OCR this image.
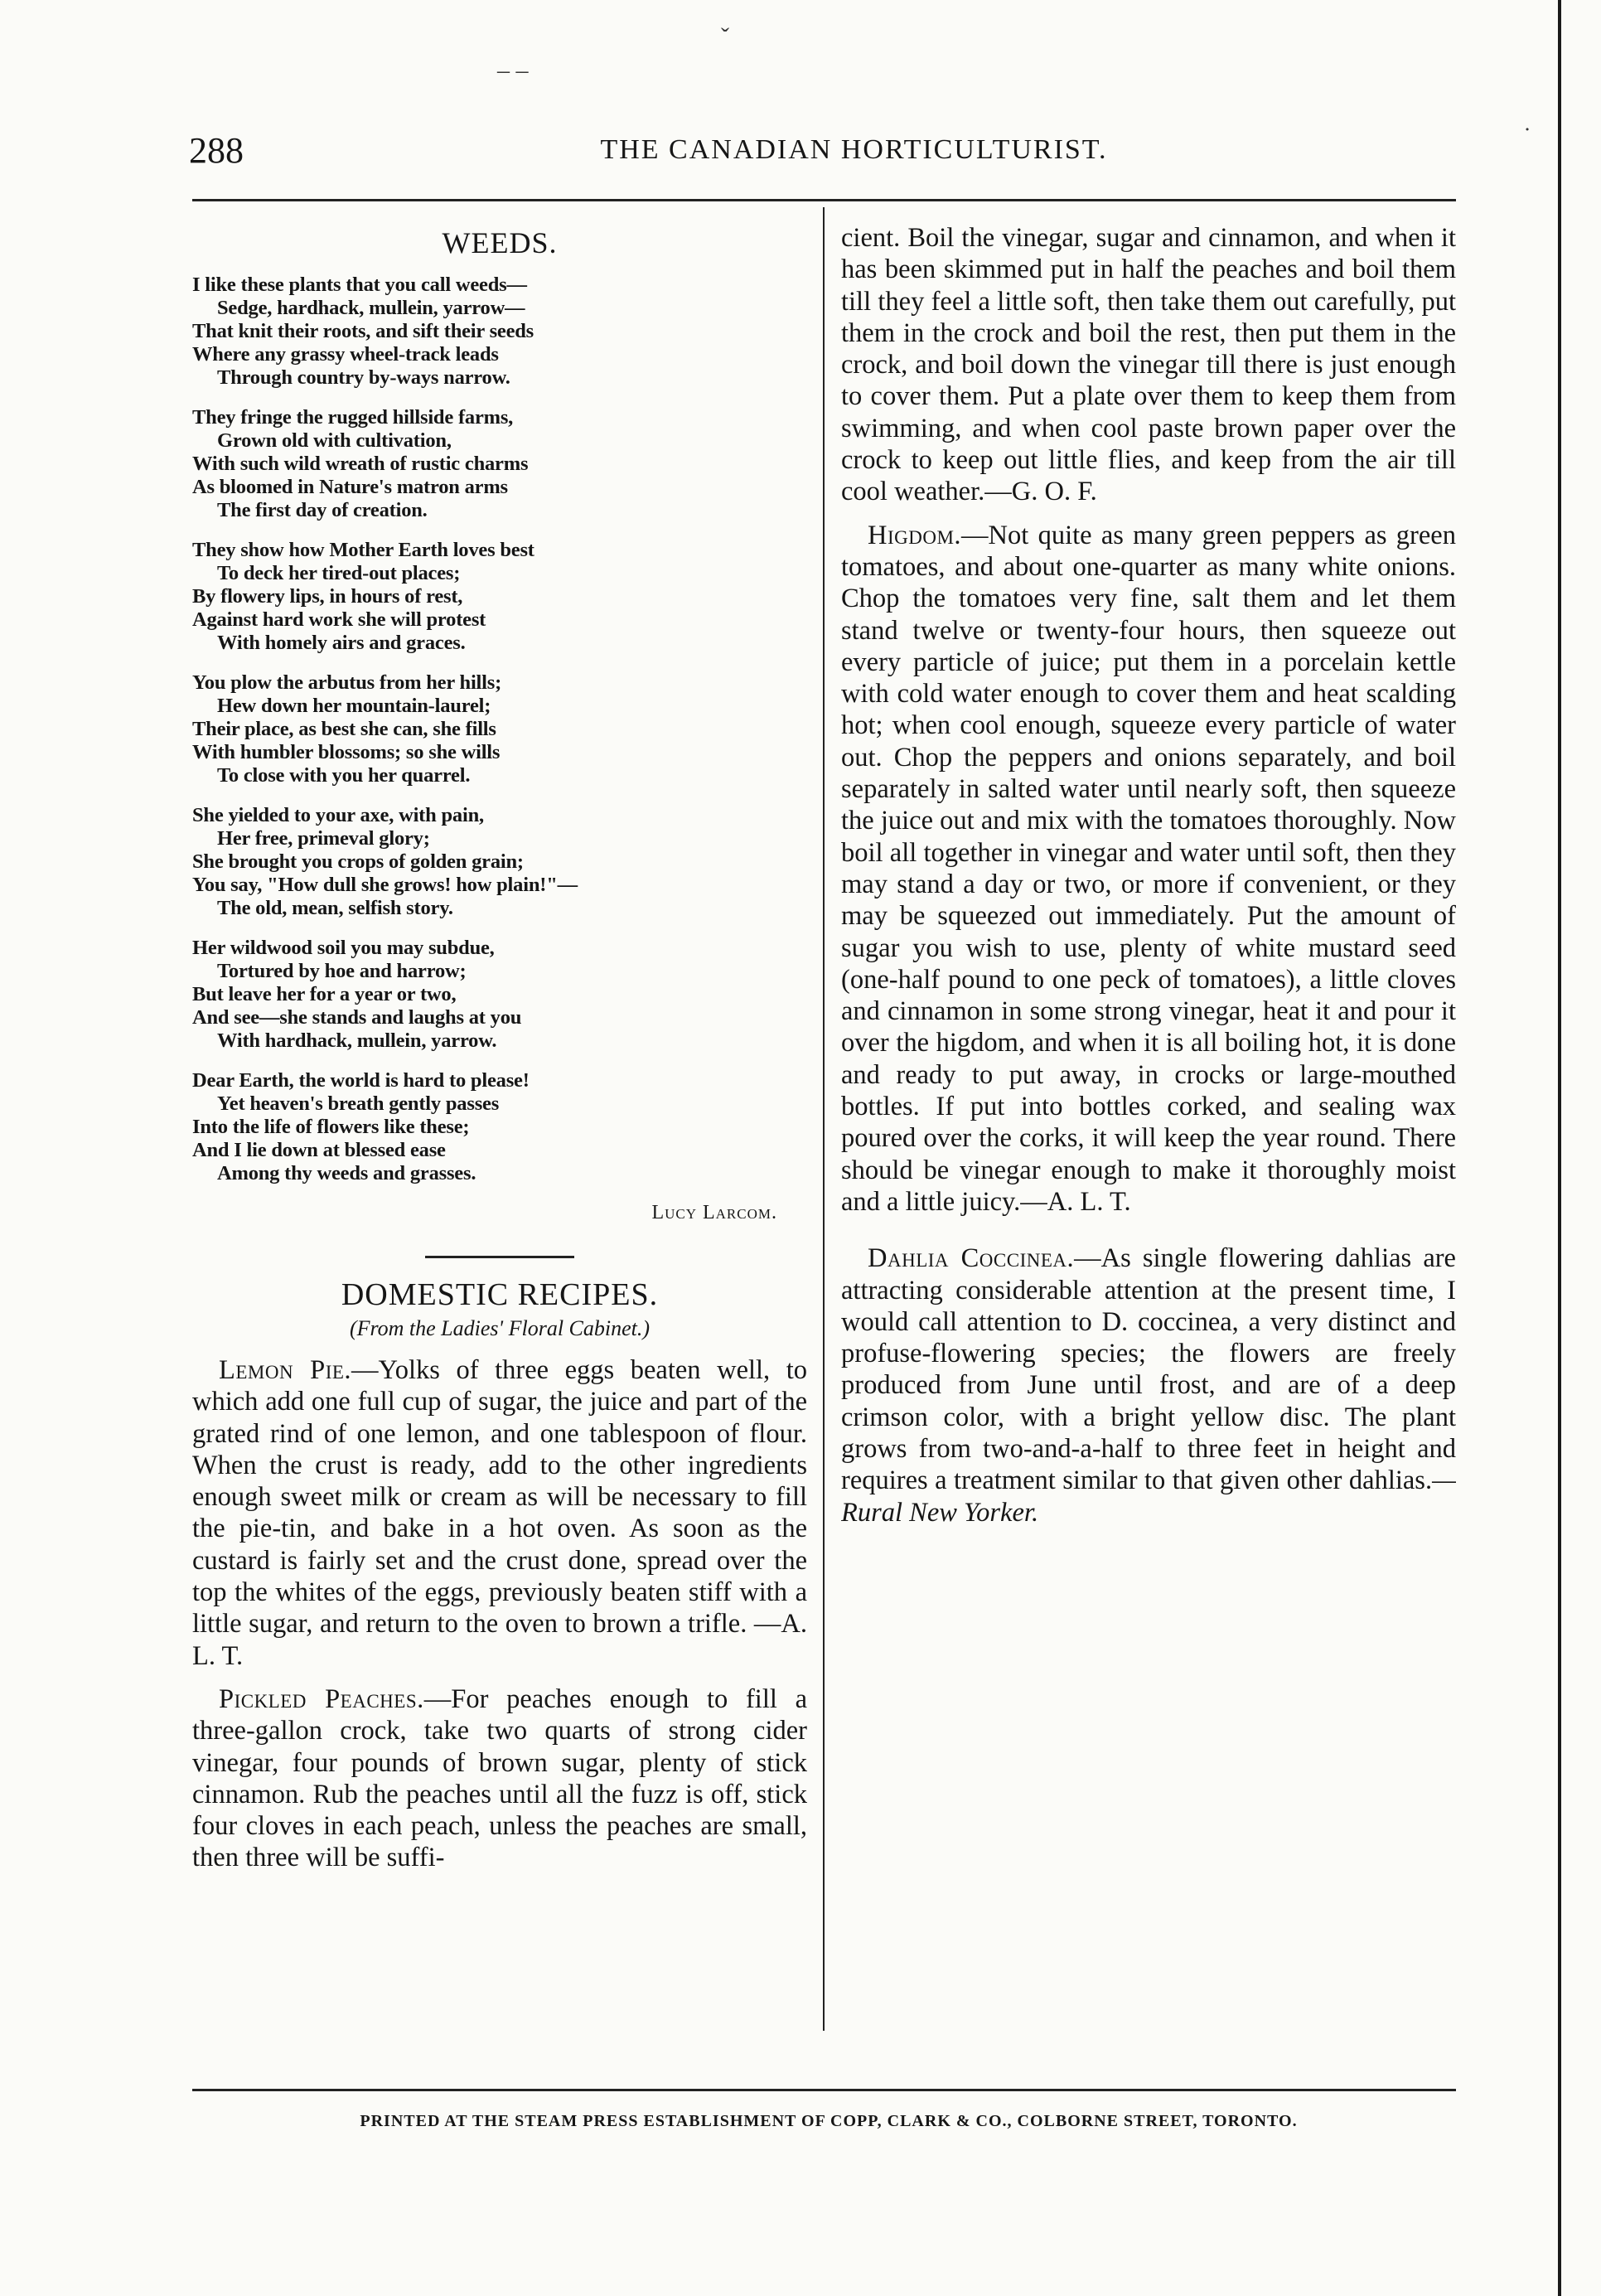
ˇ
– –
˙
288	THE CANADIAN HORTICULTURIST.
WEEDS.
I like these plants that you call weeds—
Sedge, hardhack, mullein, yarrow—
That knit their roots, and sift their seeds
Where any grassy wheel-track leads
Through country by-ways narrow.
They fringe the rugged hillside farms,
Grown old with cultivation,
With such wild wreath of rustic charms
As bloomed in Nature's matron arms
The first day of creation.
They show how Mother Earth loves best
To deck her tired-out places;
By flowery lips, in hours of rest,
Against hard work she will protest
With homely airs and graces.
You plow the arbutus from her hills;
Hew down her mountain-laurel;
Their place, as best she can, she fills
With humbler blossoms; so she wills
To close with you her quarrel.
She yielded to your axe, with pain,
Her free, primeval glory;
She brought you crops of golden grain;
You say, "How dull she grows! how plain!"—
The old, mean, selfish story.
Her wildwood soil you may subdue,
Tortured by hoe and harrow;
But leave her for a year or two,
And see—she stands and laughs at you
With hardhack, mullein, yarrow.
Dear Earth, the world is hard to please!
Yet heaven's breath gently passes
Into the life of flowers like these;
And I lie down at blessed ease
Among thy weeds and grasses.
Lucy Larcom.
DOMESTIC RECIPES.
(From the Ladies' Floral Cabinet.)

Lemon Pie.—Yolks of three eggs beaten well, to which add one full cup of sugar, the juice and part of the grated rind of one lemon, and one tablespoon of flour. When the crust is ready, add to the other ingredients enough sweet milk or cream as will be necessary to fill the pie-tin, and bake in a hot oven. As soon as the custard is fairly set and the crust done, spread over the top the whites of the eggs, previously beaten stiff with a little sugar, and return to the oven to brown a trifle. —A. L. T.

Pickled Peaches.—For peaches enough to fill a three-gallon crock, take two quarts of strong cider vinegar, four pounds of brown sugar, plenty of stick cinnamon. Rub the peaches until all the fuzz is off, stick four cloves in each peach, unless the peaches are small, then three will be suffi-

cient. Boil the vinegar, sugar and cinnamon, and when it has been skimmed put in half the peaches and boil them till they feel a little soft, then take them out carefully, put them in the crock and boil the rest, then put them in the crock, and boil down the vinegar till there is just enough to cover them. Put a plate over them to keep them from swimming, and when cool paste brown paper over the crock to keep out little flies, and keep from the air till cool weather.—G. O. F.

Higdom.—Not quite as many green peppers as green tomatoes, and about one-quarter as many white onions. Chop the tomatoes very fine, salt them and let them stand twelve or twenty-four hours, then squeeze out every particle of juice; put them in a porcelain kettle with cold water enough to cover them and heat scalding hot; when cool enough, squeeze every particle of water out. Chop the peppers and onions separately, and boil separately in salted water until nearly soft, then squeeze the juice out and mix with the tomatoes thoroughly. Now boil all together in vinegar and water until soft, then they may stand a day or two, or more if convenient, or they may be squeezed out immediately. Put the amount of sugar you wish to use, plenty of white mustard seed (one-half pound to one peck of tomatoes), a little cloves and cinnamon in some strong vinegar, heat it and pour it over the higdom, and when it is all boiling hot, it is done and ready to put away, in crocks or large-mouthed bottles. If put into bottles corked, and sealing wax poured over the corks, it will keep the year round. There should be vinegar enough to make it thoroughly moist and a little juicy.—A. L. T.

Dahlia Coccinea.—As single flowering dahlias are attracting considerable attention at the present time, I would call attention to D. coccinea, a very distinct and profuse-flowering species; the flowers are freely produced from June until frost, and are of a deep crimson color, with a bright yellow disc. The plant grows from two-and-a-half to three feet in height and requires a treatment similar to that given other dahlias.—Rural New Yorker.

PRINTED AT THE STEAM PRESS ESTABLISHMENT OF COPP, CLARK & CO., COLBORNE STREET, TORONTO.
